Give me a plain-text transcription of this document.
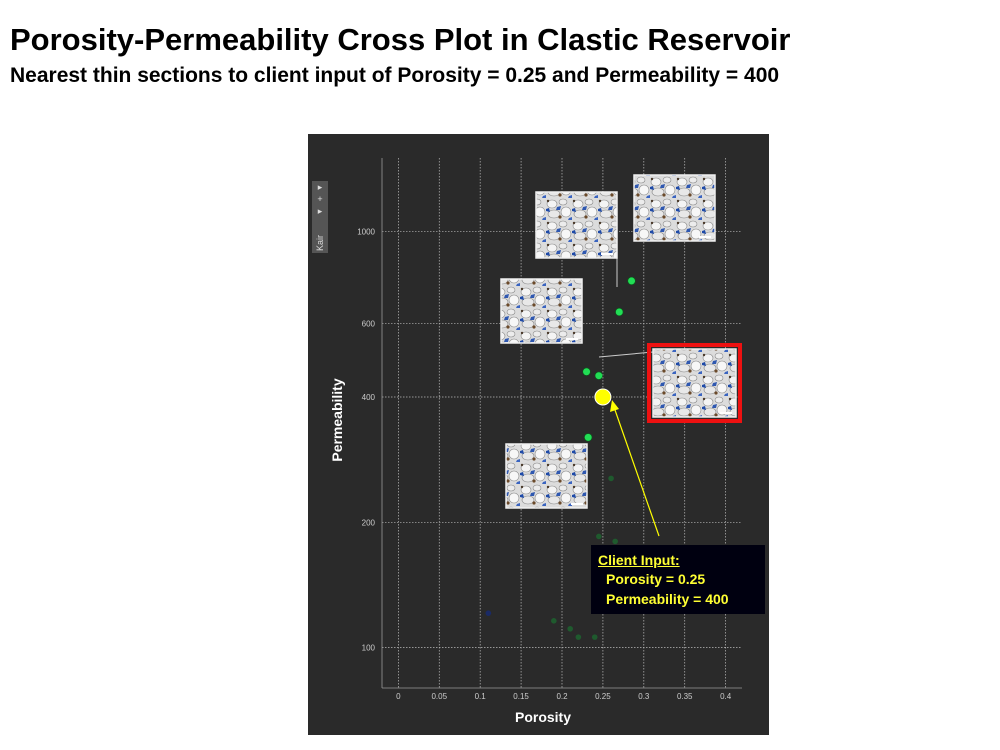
Porosity-Permeability Cross Plot in Clastic Reservoir
Nearest thin sections to client input of Porosity = 0.25 and Permeability = 400
▸
+
▸
Kair
0	0.05	0.1	0.15	0.2	0.25	0.3	0.35	0.4
100
200
400
600
1000
Porosity
Permeability
Client Input:
Porosity = 0.25
Permeability = 400
